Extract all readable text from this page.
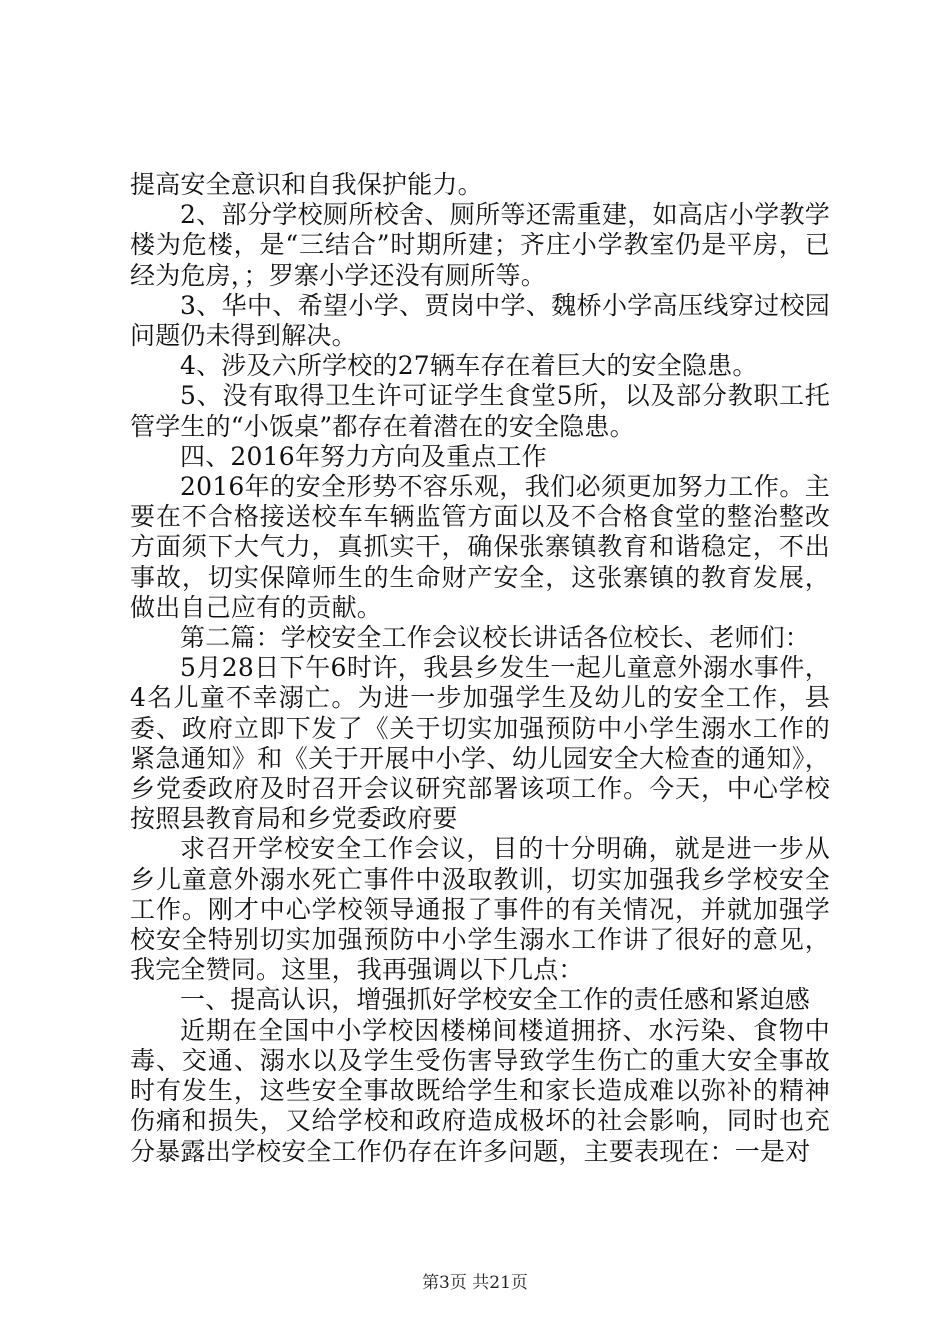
提高安全意识和自我保护能力。

2、部分学校厕所校舍、厕所等还需重建，如高店小学教学楼为危楼，是“三结合”时期所建；齐庄小学教室仍是平房，已经为危房，；罗寨小学还没有厕所等。

3、华中、希望小学、贾岗中学、魏桥小学高压线穿过校园问题仍未得到解决。

4、涉及六所学校的27辆车存在着巨大的安全隐患。

5、没有取得卫生许可证学生食堂5所，以及部分教职工托管学生的“小饭桌”都存在着潜在的安全隐患。

四、2016年努力方向及重点工作

2016年的安全形势不容乐观，我们必须更加努力工作。主要在不合格接送校车车辆监管方面以及不合格食堂的整治整改方面须下大气力，真抓实干，确保张寨镇教育和谐稳定，不出事故，切实保障师生的生命财产安全，这张寨镇的教育发展，做出自己应有的贡献。

第二篇：学校安全工作会议校长讲话各位校长、老师们：

5月28日下午6时许，我县乡发生一起儿童意外溺水事件，4名儿童不幸溺亡。为进一步加强学生及幼儿的安全工作，县委、政府立即下发了《关于切实加强预防中小学生溺水工作的紧急通知》和《关于开展中小学、幼儿园安全大检查的通知》，乡党委政府及时召开会议研究部署该项工作。今天，中心学校按照县教育局和乡党委政府要

求召开学校安全工作会议，目的十分明确，就是进一步从乡儿童意外溺水死亡事件中汲取教训，切实加强我乡学校安全工作。刚才中心学校领导通报了事件的有关情况，并就加强学校安全特别切实加强预防中小学生溺水工作讲了很好的意见，我完全赞同。这里，我再强调以下几点：

一、提高认识，增强抓好学校安全工作的责任感和紧迫感

近期在全国中小学校因楼梯间楼道拥挤、水污染、食物中毒、交通、溺水以及学生受伤害导致学生伤亡的重大安全事故时有发生，这些安全事故既给学生和家长造成难以弥补的精神伤痛和损失，又给学校和政府造成极坏的社会影响，同时也充分暴露出学校安全工作仍存在许多问题，主要表现在：一是对

第3页 共21页
